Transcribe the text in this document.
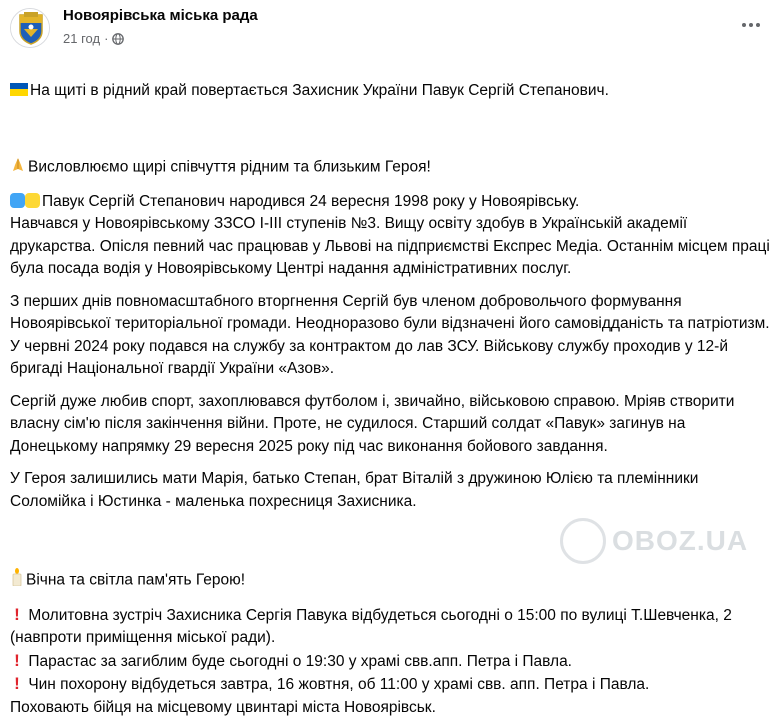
Новоярівська міська рада
21 год ·

На щиті в рідний край повертається Захисник України Павук Сергій Степанович.

Висловлюємо щирі співчуття рідним та близьким Героя!

Павук Сергій Степанович народився 24 вересня 1998 року у Новоярівську.
Навчався у Новоярівському ЗЗСО І-ІІІ ступенів №3. Вищу освіту здобув в Українській академії друкарства. Опісля певний час працював у Львові на підприємстві Експрес Медіа. Останнім місцем праці була посада водія у Новоярівському Центрі надання адміністративних послуг.

З перших днів повномасштабного вторгнення Сергій був членом добровольчого формування Новоярівської територіальної громади. Неодноразово були відзначені його самовідданість та патріотизм. У червні 2024 року подався на службу за контрактом до лав ЗСУ. Військову службу проходив у 12-й бригаді Національної гвардії України «Азов».

Сергій дуже любив спорт, захоплювався футболом і, звичайно, військовою справою. Мріяв створити власну сім'ю після закінчення війни. Проте, не судилося. Старший солдат «Павук» загинув на Донецькому напрямку 29 вересня 2025 року під час виконання бойового завдання.

У Героя залишились мати Марія, батько Степан, брат Віталій з дружиною Юлією та племінники Соломійка і Юстинка - маленька похресниця Захисника.

Вічна та світла пам'ять Герою!

! Молитовна зустріч Захисника Сергія Павука відбудеться сьогодні о 15:00 по вулиці Т.Шевченка, 2 (навпроти приміщення міської ради).

! Парастас за загиблим буде сьогодні о 19:30 у храмі свв.апп. Петра і Павла.

! Чин похорону відбудеться завтра, 16 жовтня, об 11:00 у храмі свв. апп. Петра і Павла.

Поховають бійця на місцевому цвинтарі міста Новоярівськ.

OBOZ.UA
